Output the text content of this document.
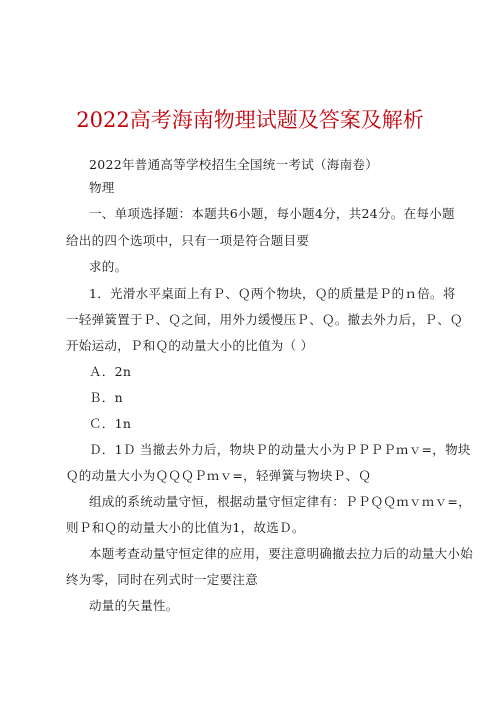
2022高考海南物理试题及答案及解析
2022年普通高等学校招生全国统一考试（海南卷）
物理
一、单项选择题：本题共6小题，每小题4分，共24分。在每小题
给出的四个选项中，只有一项是符合题目要
求的。
1．光滑水平桌面上有Ｐ、Ｑ两个物块，Ｑ的质量是Ｐ的ｎ倍。将
一轻弹簧置于Ｐ、Ｑ之间，用外力缓慢压Ｐ、Ｑ。撤去外力后，Ｐ、Ｑ
开始运动，Ｐ和Ｑ的动量大小的比值为（ ）
Ａ．2n
Ｂ．n
Ｃ．1n
Ｄ．1Ｄ 当撤去外力后，物块Ｐ的动量大小为ＰＰＰＰｍｖ=，物块
Ｑ的动量大小为ＱＱＱＰｍｖ=，轻弹簧与物块Ｐ、Ｑ
组成的系统动量守恒，根据动量守恒定律有：ＰＰＱＱｍｖｍｖ=，
则Ｐ和Ｑ的动量大小的比值为1，故选Ｄ。
本题考查动量守恒定律的应用，要注意明确撤去拉力后的动量大小始
终为零，同时在列式时一定要注意
动量的矢量性。
